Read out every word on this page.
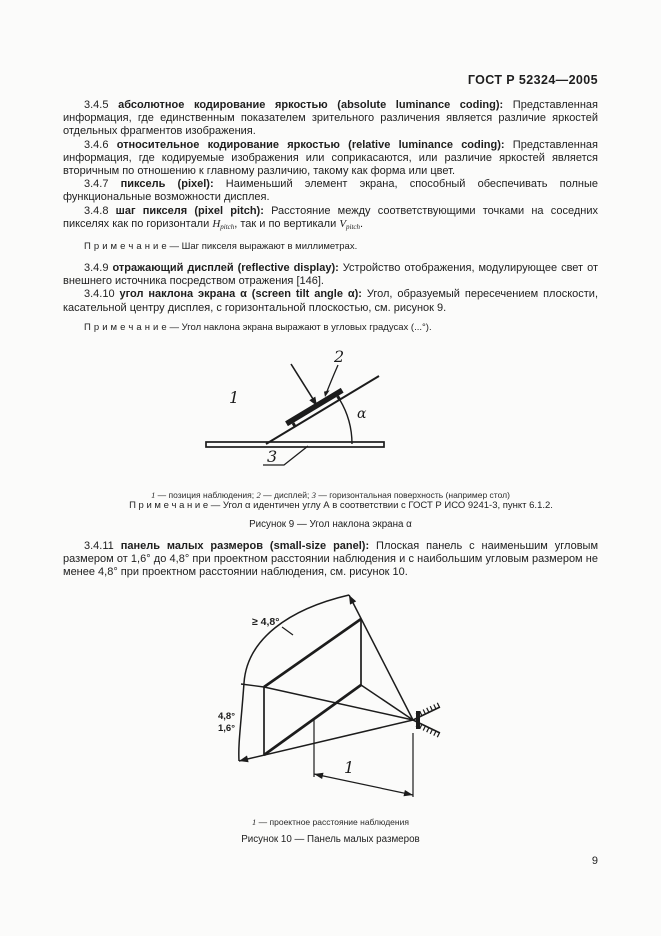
ГОСТ Р 52324—2005

3.4.5 абсолютное кодирование яркостью (absolute luminance coding): Представленная информация, где единственным показателем зрительного различения является различие яркостей отдельных фрагментов изображения.

3.4.6 относительное кодирование яркостью (relative luminance coding): Представленная информация, где кодируемые изображения или соприкасаются, или различие яркостей является вторичным по отношению к главному различию, такому как форма или цвет.

3.4.7 пиксель (pixel): Наименьший элемент экрана, способный обеспечивать полные функциональные возможности дисплея.

3.4.8 шаг пикселя (pixel pitch): Расстояние между соответствующими точками на соседних пикселях как по горизонтали $H_{pitch}$, так и по вертикали $V_{pitch}$.

П р и м е ч а н и е — Шаг пикселя выражают в миллиметрах.

3.4.9 отражающий дисплей (reflective display): Устройство отображения, модулирующее свет от внешнего источника посредством отражения [146].

3.4.10 угол наклона экрана α (screen tilt angle α): Угол, образуемый пересечением плоскости, касательной центру дисплея, с горизонтальной плоскостью, см. рисунок 9.

П р и м е ч а н и е — Угол наклона экрана выражают в угловых градусах (...°).

1
2
3
α
1 — позиция наблюдения; 2 — дисплей; 3 — горизонтальная поверхность (например стол)

П р и м е ч а н и е — Угол α идентичен углу А в соответствии с ГОСТ Р ИСО 9241-3, пункт 6.1.2.

Рисунок 9 — Угол наклона экрана α

3.4.11 панель малых размеров (small-size panel): Плоская панель с наименьшим угловым размером от 1,6° до 4,8° при проектном расстоянии наблюдения и с наибольшим угловым размером не менее 4,8° при проектном расстоянии наблюдения, см. рисунок 10.

≥ 4,8°
4,8°
1,6°
1
1 — проектное расстояние наблюдения
Рисунок 10 — Панель малых размеров
9
